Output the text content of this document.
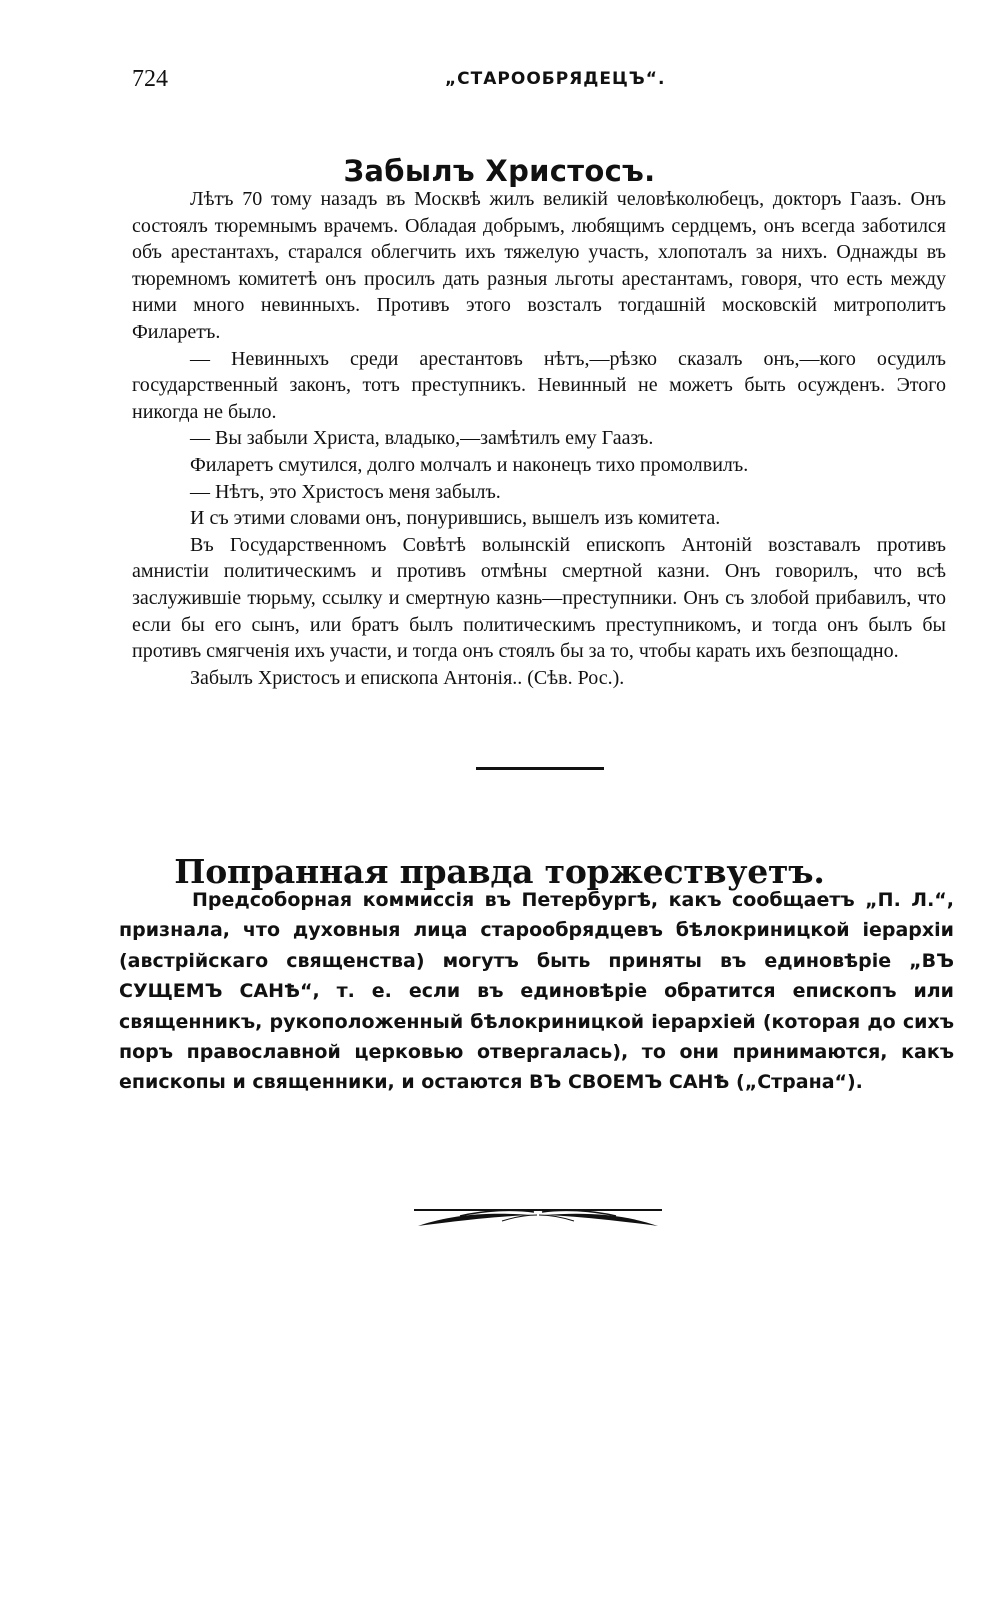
724	„СТАРООБРЯДЕЦЪ“.
Забылъ Христосъ.

Лѣтъ 70 тому назадъ въ Москвѣ жилъ великій человѣколюбецъ, докторъ Гаазъ. Онъ состоялъ тюремнымъ врачемъ. Обладая добрымъ, любящимъ сердцемъ, онъ всегда заботился объ арестантахъ, старался облегчить ихъ тяжелую участь, хлопоталъ за нихъ. Однажды въ тюремномъ комитетѣ онъ просилъ дать разныя льготы арестантамъ, говоря, что есть между ними много невинныхъ. Противъ этого возсталъ тогдашній московскій митрополитъ Филаретъ.

— Невинныхъ среди арестантовъ нѣтъ,—рѣзко сказалъ онъ,—кого осудилъ государственный законъ, тотъ преступникъ. Невинный не можетъ быть осужденъ. Этого никогда не было.

— Вы забыли Христа, владыко,—замѣтилъ ему Гаазъ.

Филаретъ смутился, долго молчалъ и наконецъ тихо промолвилъ.

— Нѣтъ, это Христосъ меня забылъ.

И съ этими словами онъ, понурившись, вышелъ изъ комитета.

Въ Государственномъ Совѣтѣ волынскій епископъ Антоній возставалъ противъ амнистіи политическимъ и противъ отмѣны смертной казни. Онъ говорилъ, что всѣ заслужившіе тюрьму, ссылку и смертную казнь—преступники. Онъ съ злобой прибавилъ, что если бы его сынъ, или братъ былъ политическимъ преступникомъ, и тогда онъ былъ бы противъ смягченія ихъ участи, и тогда онъ стоялъ бы за то, чтобы карать ихъ безпощадно.

Забылъ Христосъ и епископа Антонія.. (Сѣв. Рос.).

Попранная правда торжествуетъ.

Предсоборная коммиссія въ Петербургѣ, какъ сообщаетъ „П. Л.“, признала, что духовныя лица старообрядцевъ бѣлокриницкой іерархіи (австрійскаго священства) могутъ быть приняты въ единовѣріе „ВЪ СУЩЕМЪ САНѢ“, т. е. если въ единовѣріе обратится епископъ или священникъ, рукоположенный бѣлокриницкой іерархіей (которая до сихъ поръ православной церковью отвергалась), то они принимаются, какъ епископы и священники, и остаются ВЪ СВОЕМЪ САНѢ („Страна“).
